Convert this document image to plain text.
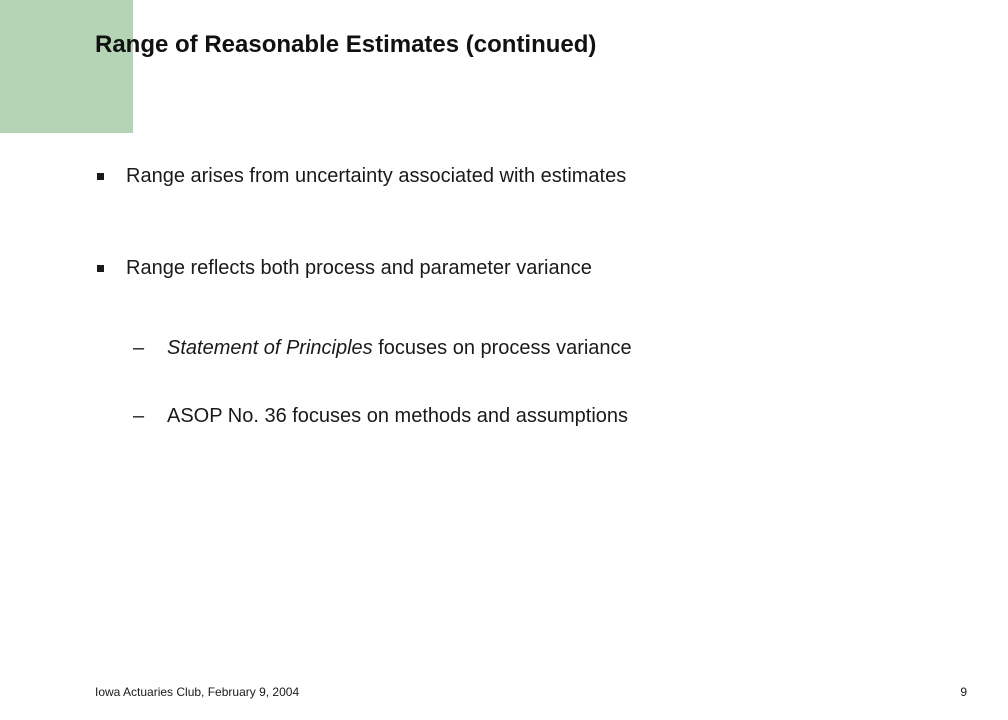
Range of Reasonable Estimates (continued)
Range arises from uncertainty associated with estimates
Range reflects both process and parameter variance
–	Statement of Principles focuses on process variance
–	ASOP No. 36 focuses on methods and assumptions
Iowa Actuaries Club, February 9, 2004	9
